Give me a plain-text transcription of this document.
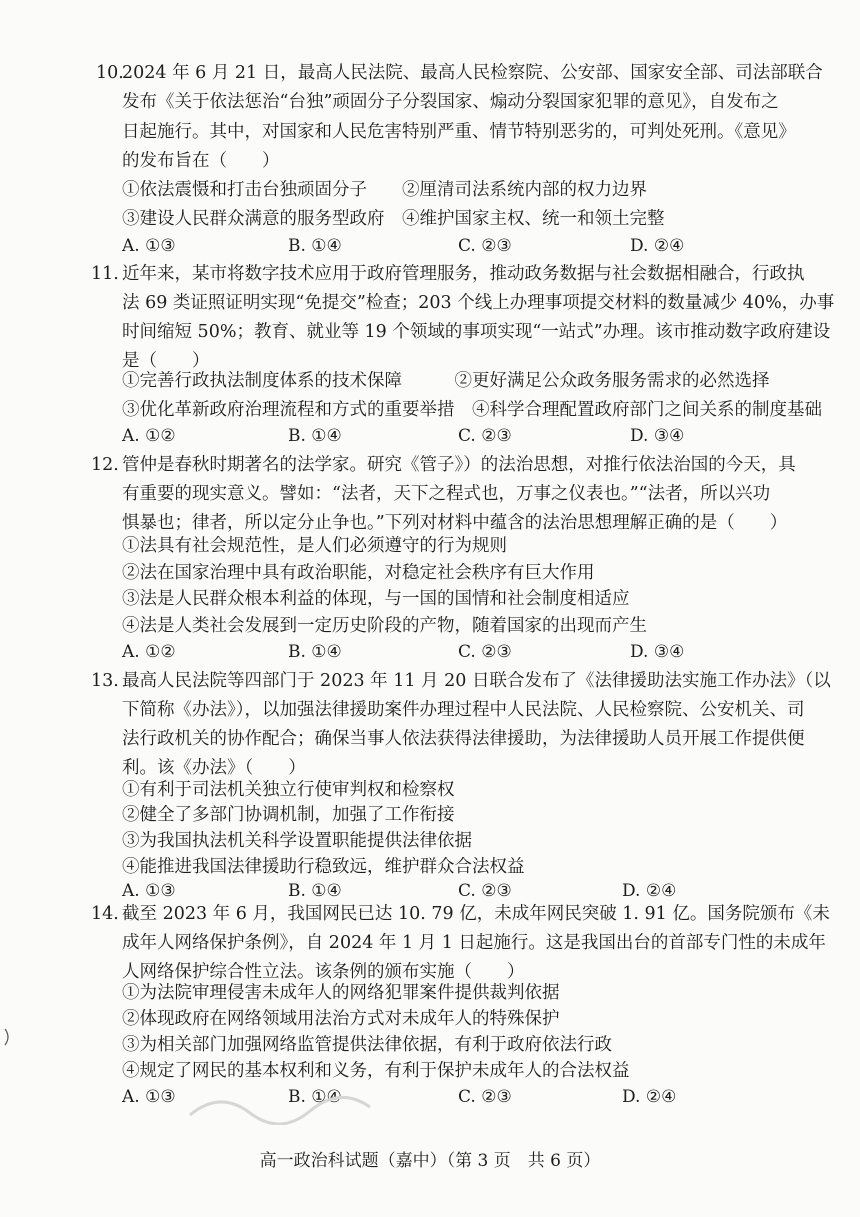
10.
2024 年 6 月 21 日，最高人民法院、最高人民检察院、公安部、国家安全部、司法部联合
发布《关于依法惩治“台独”顽固分子分裂国家、煽动分裂国家犯罪的意见》，自发布之
日起施行。其中，对国家和人民危害特别严重、情节特别恶劣的，可判处死刑。《意见》
的发布旨在（　　）
①依法震慑和打击台独顽固分子　　②厘清司法系统内部的权力边界
③建设人民群众满意的服务型政府　④维护国家主权、统一和领土完整
A. ①③	B. ①④	C. ②③	D. ②④
11. 近年来，某市将数字技术应用于政府管理服务，推动政务数据与社会数据相融合，行政执
法 69 类证照证明实现“免提交”检查；203 个线上办理事项提交材料的数量减少 40%，办事
时间缩短 50%；教育、就业等 19 个领域的事项实现“一站式”办理。该市推动数字政府建设
是（　　）
①完善行政执法制度体系的技术保障　　　②更好满足公众政务服务需求的必然选择
③优化革新政府治理流程和方式的重要举措　④科学合理配置政府部门之间关系的制度基础
A. ①②	B. ①④	C. ②③	D. ③④
12. 管仲是春秋时期著名的法学家。研究《管子》）的法治思想，对推行依法治国的今天，具
有重要的现实意义。譬如：“法者，天下之程式也，万事之仪表也。”“法者，所以兴功
惧暴也；律者，所以定分止争也。”下列对材料中蕴含的法治思想理解正确的是（　　）
①法具有社会规范性，是人们必须遵守的行为规则
②法在国家治理中具有政治职能，对稳定社会秩序有巨大作用
③法是人民群众根本利益的体现，与一国的国情和社会制度相适应
④法是人类社会发展到一定历史阶段的产物，随着国家的出现而产生
A. ①②	B. ①④	C. ②③	D. ③④
13. 最高人民法院等四部门于 2023 年 11 月 20 日联合发布了《法律援助法实施工作办法》（以
下简称《办法》），以加强法律援助案件办理过程中人民法院、人民检察院、公安机关、司
法行政机关的协作配合；确保当事人依法获得法律援助，为法律援助人员开展工作提供便
利。该《办法》（　　）
①有利于司法机关独立行使审判权和检察权
②健全了多部门协调机制，加强了工作衔接
③为我国执法机关科学设置职能提供法律依据
④能推进我国法律援助行稳致远，维护群众合法权益
A. ①③	B. ①④	C. ②③	D. ②④
14. 截至 2023 年 6 月，我国网民已达 10. 79 亿，未成年网民突破 1. 91 亿。国务院颁布《未
成年人网络保护条例》，自 2024 年 1 月 1 日起施行。这是我国出台的首部专门性的未成年
人网络保护综合性立法。该条例的颁布实施（　　）
①为法院审理侵害未成年人的网络犯罪案件提供裁判依据
②体现政府在网络领域用法治方式对未成年人的特殊保护
③为相关部门加强网络监管提供法律依据，有利于政府依法行政
④规定了网民的基本权利和义务，有利于保护未成年人的合法权益
A. ①③	B. ①④	C. ②③	D. ②④
高一政治科试题（嘉中）（第 3 页　共 6 页）
